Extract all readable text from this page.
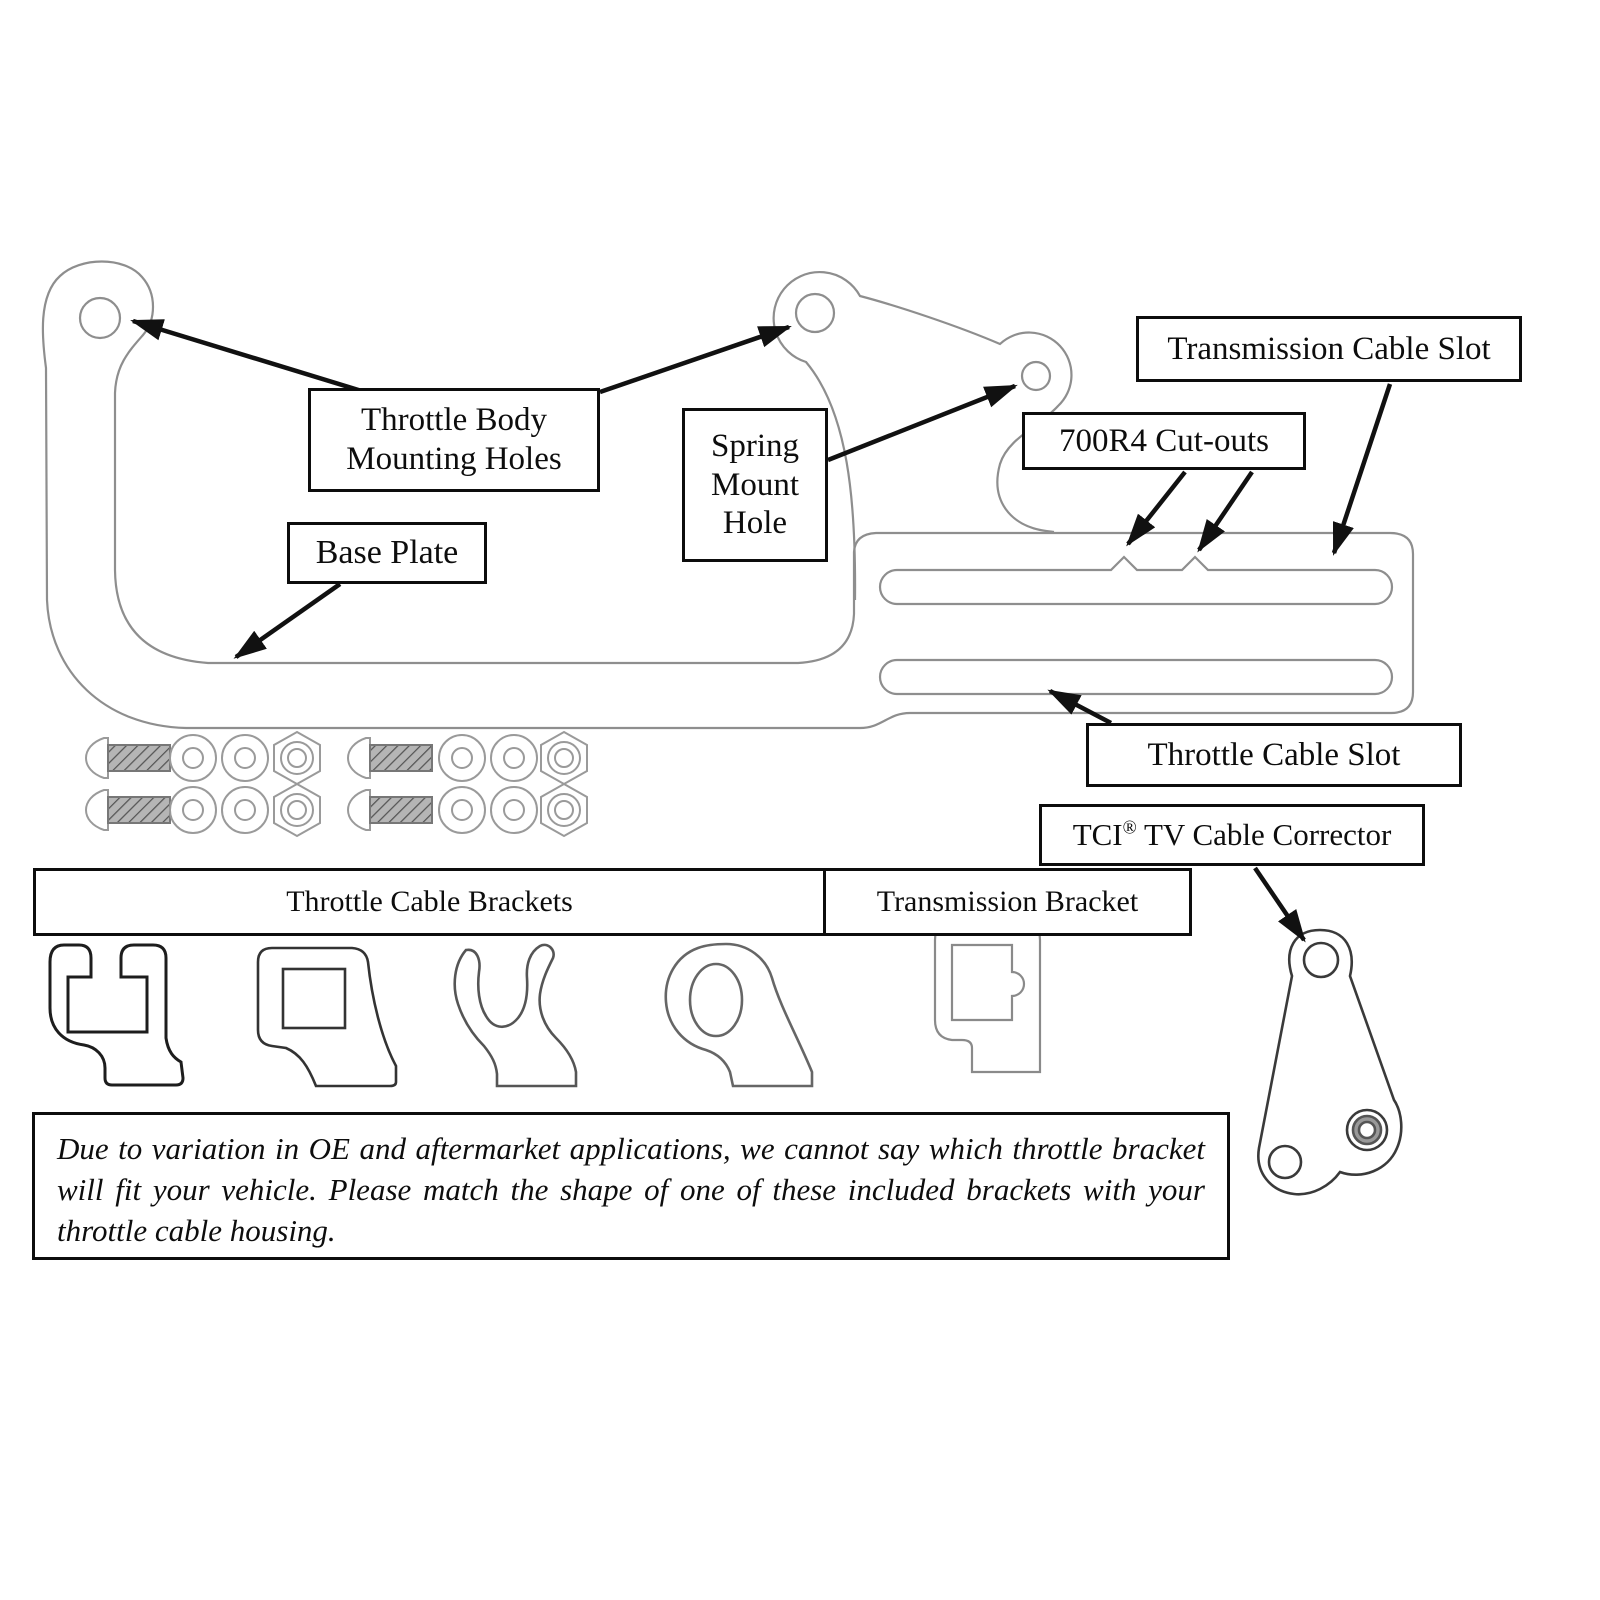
Throttle Body Mounting Holes	Spring Mount Hole
Base Plate
700R4 Cut-outs
Transmission Cable Slot
Throttle Cable Slot
TCI® TV Cable Corrector
Throttle Cable Brackets	Transmission Bracket
Due to variation in OE and aftermarket applications, we cannot say which throttle bracket will fit your vehicle. Please match the shape of one of these included brackets with your throttle cable housing.
